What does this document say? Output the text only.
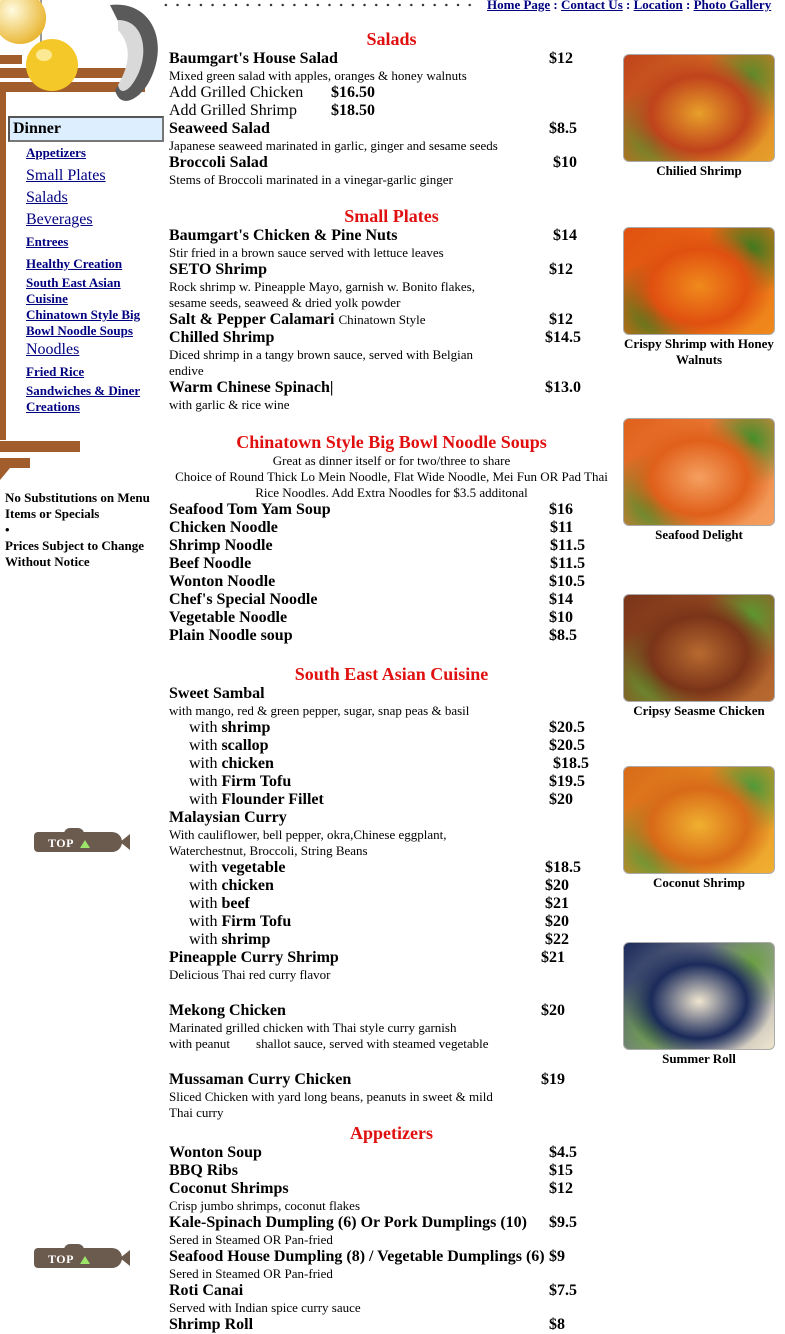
Home Page : Contact Us : Location : Photo Gallery
Dinner
Appetizers
Small Plates
Salads
Beverages
Entrees
Healthy Creation
South East Asian Cuisine
Chinatown Style Big Bowl Noodle Soups
Noodles
Fried Rice
Sandwiches & Diner Creations
No Substitutions on Menu Items or Specials
•
Prices Subject to Change Without Notice
TOP
TOP
Salads
Baumgart's House Salad	$12
Mixed green salad with apples, oranges & honey walnuts
Add Grilled Chicken $16.50
Add Grilled Shrimp $18.50
Seaweed Salad	$8.5
Japanese seaweed marinated in garlic, ginger and sesame seeds
Broccoli Salad	$10
Stems of Broccoli marinated in a vinegar-garlic ginger
Small Plates
Baumgart's Chicken & Pine Nuts	$14
Stir fried in a brown sauce served with lettuce leaves
SETO Shrimp	$12
Rock shrimp w. Pineapple Mayo, garnish w. Bonito flakes, sesame seeds, seaweed & dried yolk powder
Salt & Pepper Calamari Chinatown Style	$12
Chilled Shrimp	$14.5
Diced shrimp in a tangy brown sauce, served with Belgian endive
Warm Chinese Spinach|	$13.0
with garlic & rice wine
Chinatown Style Big Bowl Noodle Soups
Great as dinner itself or for two/three to share
Choice of Round Thick Lo Mein Noodle, Flat Wide Noodle, Mei Fun OR Pad Thai Rice Noodles. Add Extra Noodles for $3.5 additonal
Seafood Tom Yam Soup	$16
Chicken Noodle	$11
Shrimp Noodle	$11.5
Beef Noodle	$11.5
Wonton Noodle	$10.5
Chef's Special Noodle	$14
Vegetable Noodle	$10
Plain Noodle soup	$8.5
South East Asian Cuisine
Sweet Sambal
with mango, red & green pepper, sugar, snap peas & basil
with shrimp	$20.5
with scallop	$20.5
with chicken	$18.5
with Firm Tofu	$19.5
with Flounder Fillet	$20
Malaysian Curry
With cauliflower, bell pepper, okra,Chinese eggplant, Waterchestnut, Broccoli, String Beans
with vegetable	$18.5
with chicken	$20
with beef	$21
with Firm Tofu	$20
with shrimp	$22
Pineapple Curry Shrimp	$21
Delicious Thai red curry flavor
Mekong Chicken	$20
Marinated grilled chicken with Thai style curry garnish
with peanut        shallot sauce, served with steamed vegetable
Mussaman Curry Chicken	$19
Sliced Chicken with yard long beans, peanuts in sweet & mild Thai curry
Appetizers
Wonton Soup	$4.5
BBQ Ribs	$15
Coconut Shrimps	$12
Crisp jumbo shrimps, coconut flakes
Kale-Spinach Dumpling (6) Or Pork Dumplings (10) $9.5
Sered in Steamed OR Pan-fried
Seafood House Dumpling (8) / Vegetable Dumplings (6) $9
Sered in Steamed OR Pan-fried
Roti Canai	$7.5
Served with Indian spice curry sauce
Shrimp Roll	$8
Chilied Shrimp
Crispy Shrimp with Honey Walnuts
Seafood Delight
Cripsy Seasme Chicken
Coconut Shrimp
Summer Roll
